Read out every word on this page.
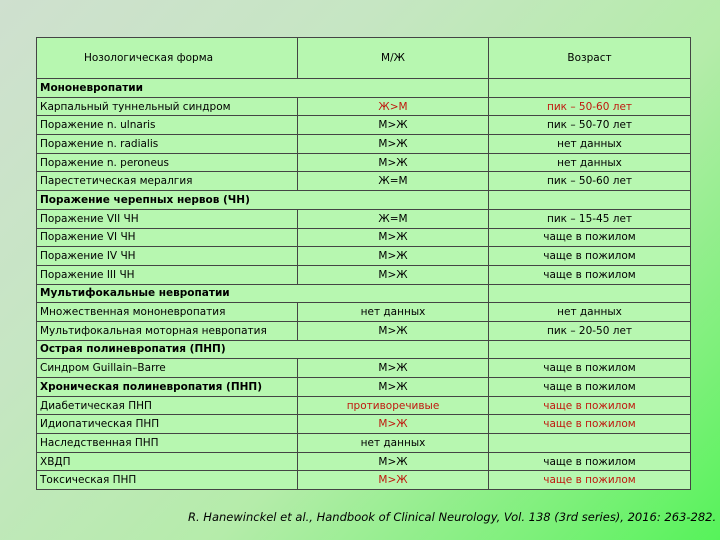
Нозологическая форма	М/Ж	Возраст
Мононевропатии		
Карпальный туннельный синдром	Ж>М	пик – 50-60 лет
Поражение n. ulnaris	М>Ж	пик – 50-70 лет
Поражение n. radialis	М>Ж	нет данных
Поражение n. peroneus	М>Ж	нет данных
Парестетическая мералгия	Ж=М	пик – 50-60 лет
Поражение черепных нервов (ЧН)		
Поражение VII ЧН	Ж=М	пик – 15-45 лет
Поражение VI ЧН	М>Ж	чаще в пожилом
Поражение IV ЧН	М>Ж	чаще в пожилом
Поражение III ЧН	М>Ж	чаще в пожилом
Мультифокальные невропатии		
Множественная мононевропатия	нет данных	нет данных
Мультифокальная моторная невропатия	М>Ж	пик – 20-50 лет
Острая полиневропатия (ПНП)		
Синдром Guillain–Barre	М>Ж	чаще в пожилом
Хроническая полиневропатия (ПНП)	М>Ж	чаще в пожилом
Диабетическая ПНП	противоречивые	чаще в пожилом
Идиопатическая ПНП	М>Ж	чаще в пожилом
Наследственная ПНП	нет данных	
ХВДП	М>Ж	чаще в пожилом
Токсическая ПНП	М>Ж	чаще в пожилом
R. Hanewinckel et al., Handbook of Clinical Neurology, Vol. 138 (3rd series), 2016: 263-282.
